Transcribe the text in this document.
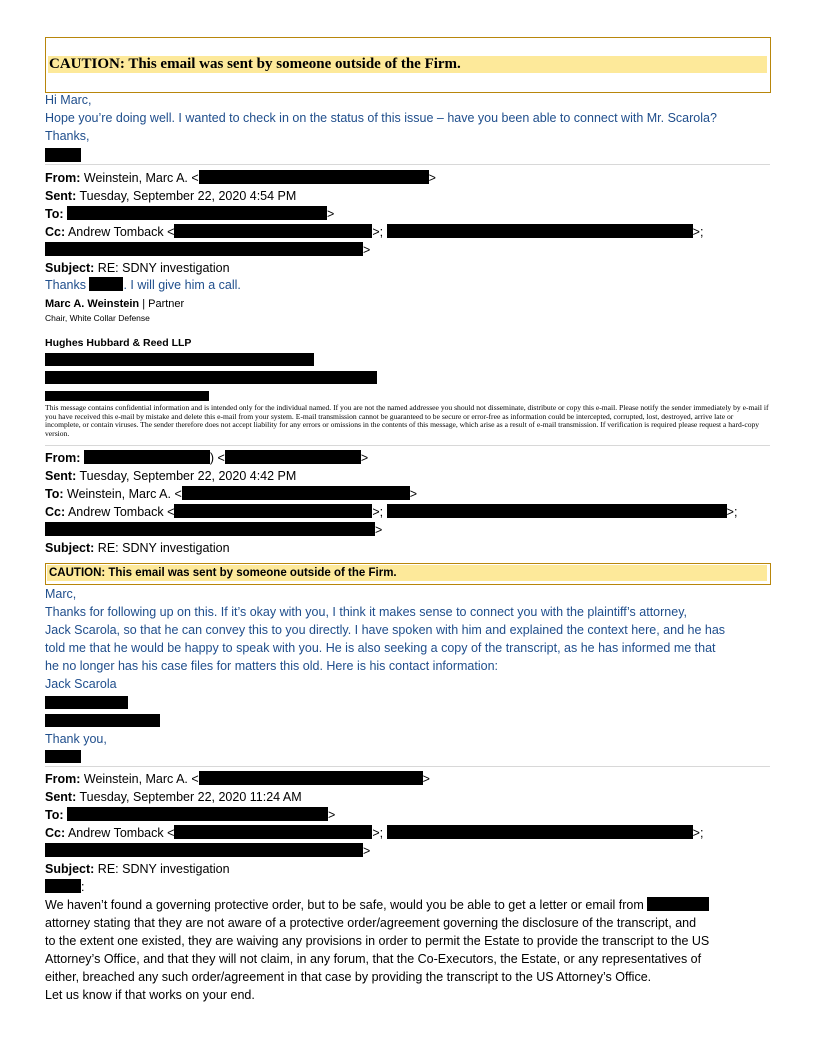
CAUTION: This email was sent by someone outside of the Firm.
Hi Marc,
Hope you’re doing well. I wanted to check in on the status of this issue – have you been able to connect with Mr. Scarola?
Thanks,
From: Weinstein, Marc A. <	>
Sent: Tuesday, September 22, 2020 4:54 PM
To:	>
Cc: Andrew Tomback <	>;	>;
>
Subject: RE: SDNY investigation
Thanks	. I will give him a call.
Marc A. Weinstein | Partner
Chair, White Collar Defense
Hughes Hubbard & Reed LLP
This message contains confidential information and is intended only for the individual named. If you are not the named addressee you should not disseminate, distribute or copy this e-mail. Please notify the sender immediately by e-mail if you have received this e-mail by mistake and delete this e-mail from your system. E-mail transmission cannot be guaranteed to be secure or error-free as information could be intercepted, corrupted, lost, destroyed, arrive late or incomplete, or contain viruses. The sender therefore does not accept liability for any errors or omissions in the contents of this message, which arise as a result of e-mail transmission. If verification is required please request a hard-copy version.
From:	) <	>
Sent: Tuesday, September 22, 2020 4:42 PM
To: Weinstein, Marc A. <	>
Cc: Andrew Tomback <	>;	>;
>
Subject: RE: SDNY investigation
CAUTION: This email was sent by someone outside of the Firm.
Marc,
Thanks for following up on this. If it’s okay with you, I think it makes sense to connect you with the plaintiff’s attorney,
Jack Scarola, so that he can convey this to you directly. I have spoken with him and explained the context here, and he has
told me that he would be happy to speak with you. He is also seeking a copy of the transcript, as he has informed me that
he no longer has his case files for matters this old. Here is his contact information:
Jack Scarola
Thank you,
From: Weinstein, Marc A. <	>
Sent: Tuesday, September 22, 2020 11:24 AM
To:	>
Cc: Andrew Tomback <	>;	>;
>
Subject: RE: SDNY investigation
:
We haven’t found a governing protective order, but to be safe, would you be able to get a letter or email from
attorney stating that they are not aware of a protective order/agreement governing the disclosure of the transcript, and
to the extent one existed, they are waiving any provisions in order to permit the Estate to provide the transcript to the US
Attorney’s Office, and that they will not claim, in any forum, that the Co-Executors, the Estate, or any representatives of
either, breached any such order/agreement in that case by providing the transcript to the US Attorney’s Office.
Let us know if that works on your end.
